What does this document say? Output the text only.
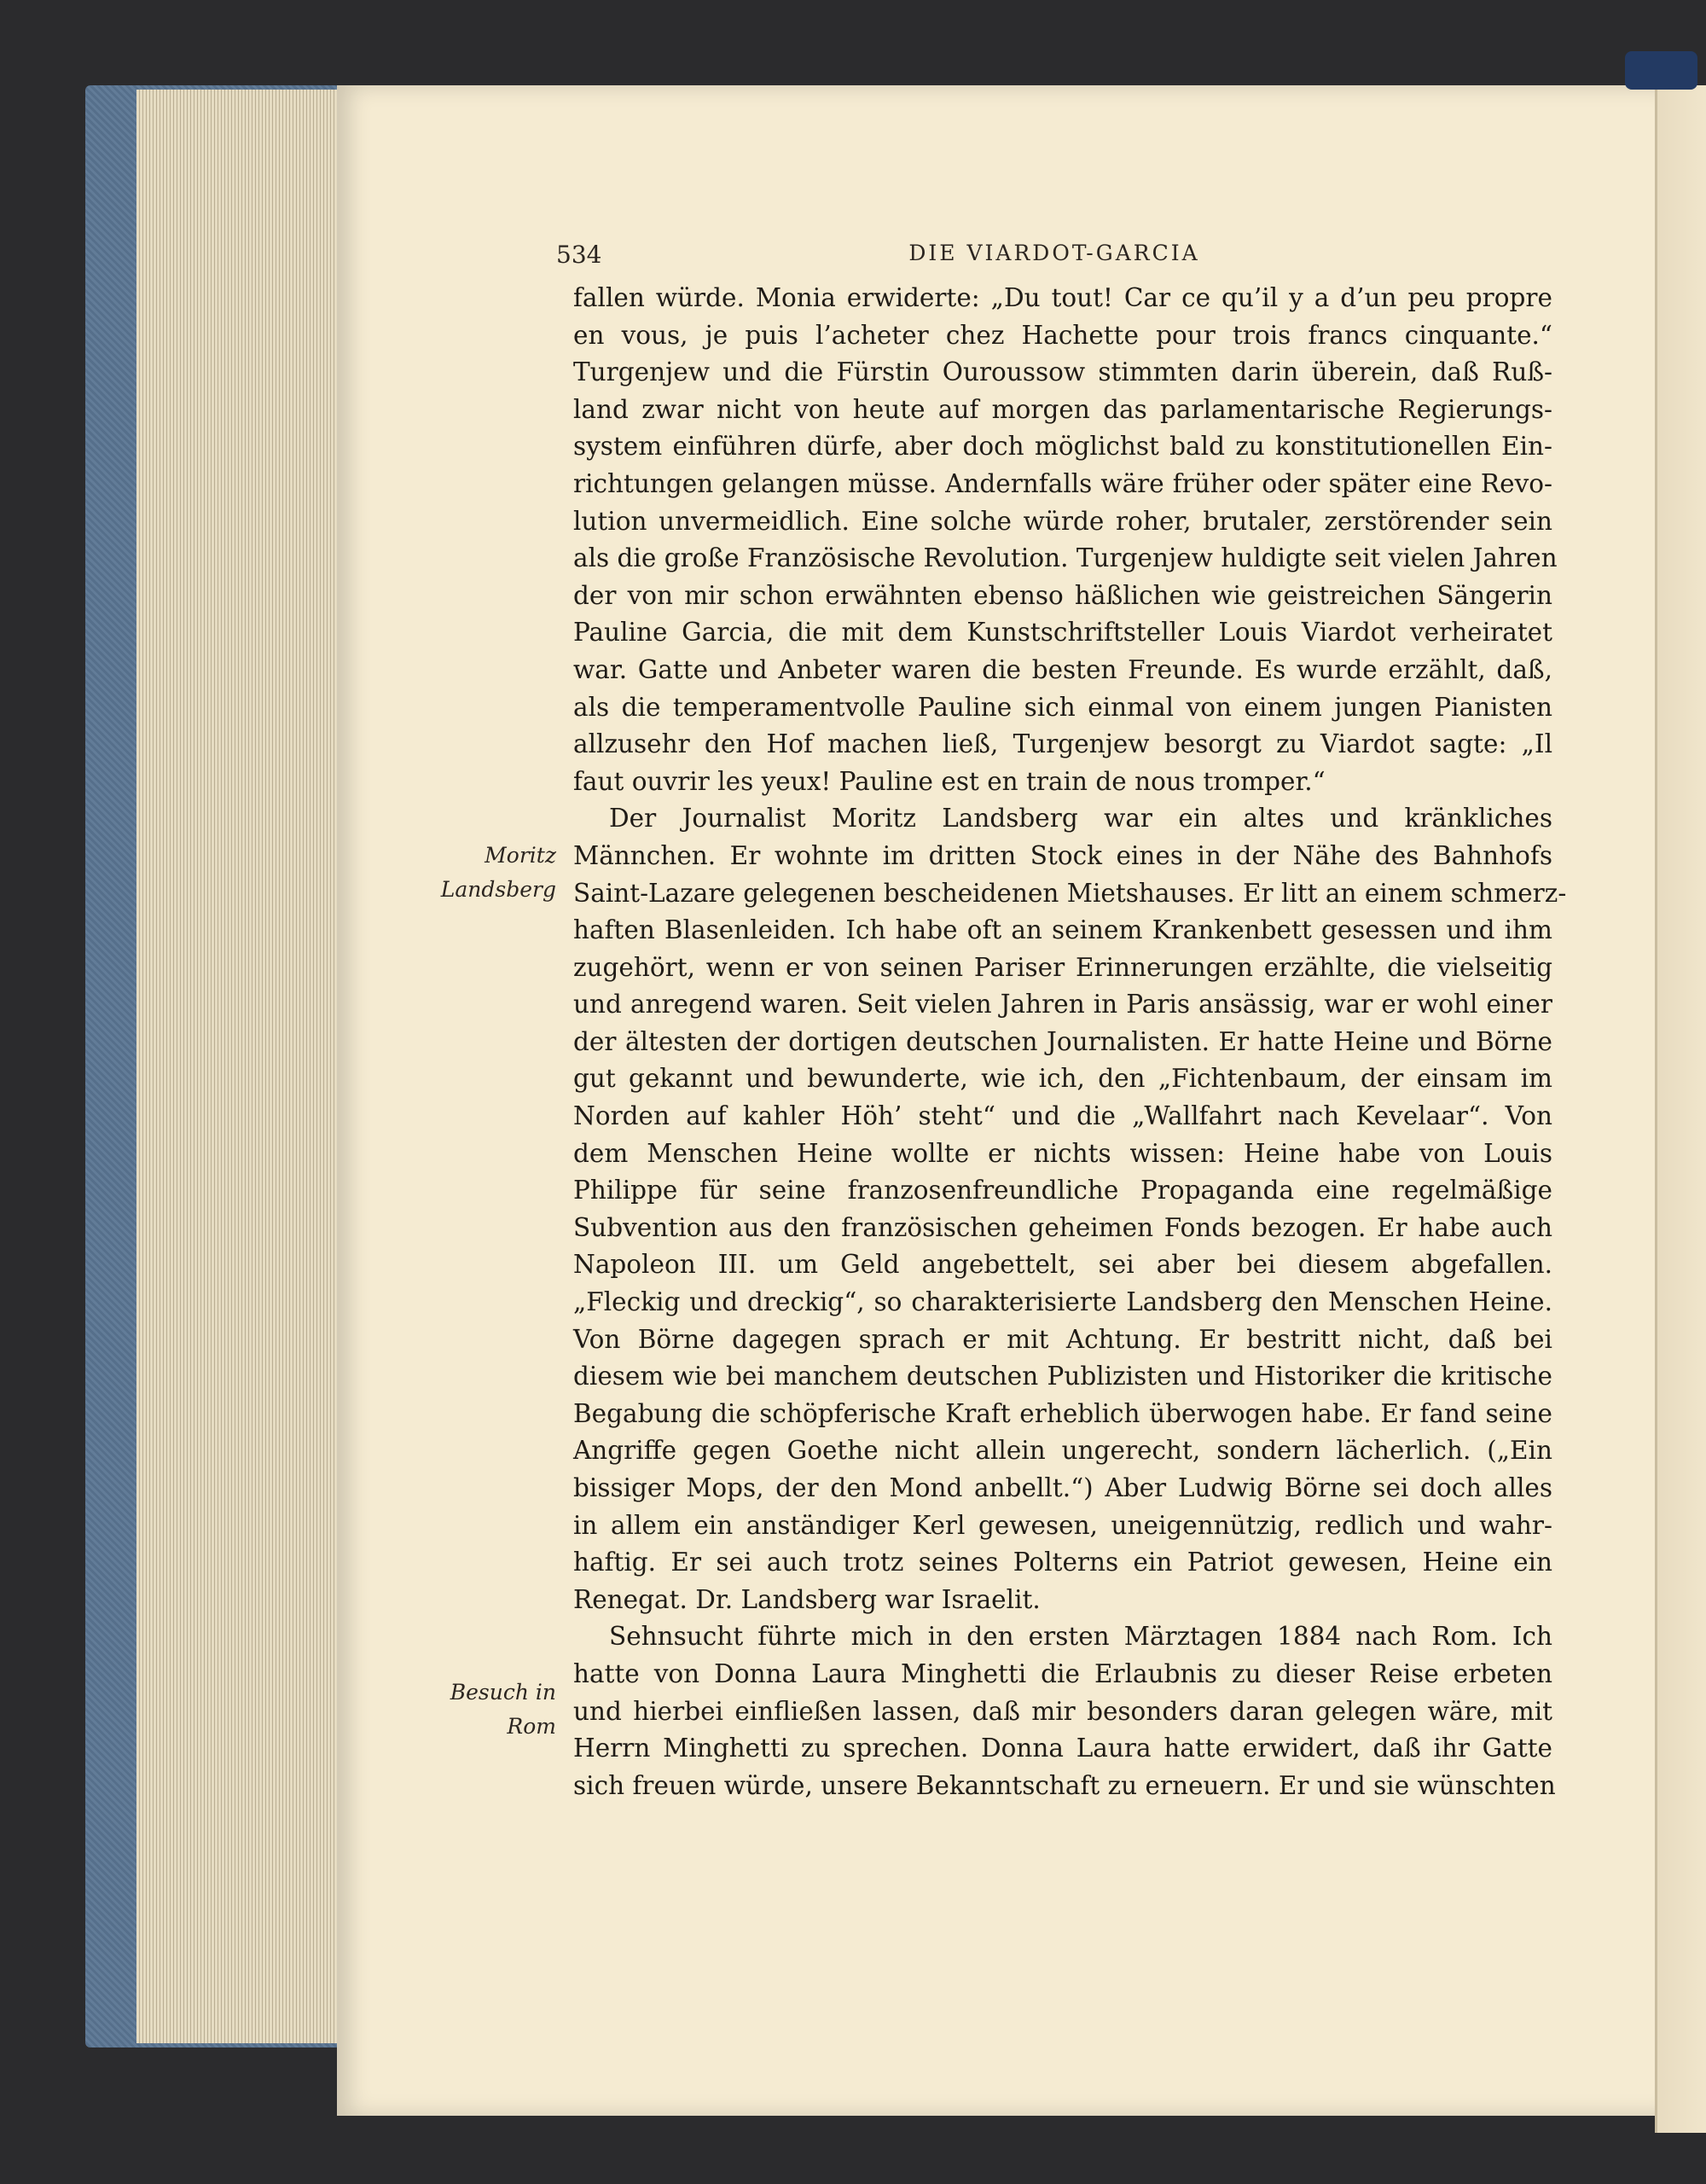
534	DIE VIARDOT-GARCIA
Moritz
Landsberg
Besuch in
Rom
fallen würde. Monia erwiderte: „Du tout! Car ce qu’il y a d’un peu propre
en vous, je puis l’acheter chez Hachette pour trois francs cinquante.“
Turgenjew und die Fürstin Ouroussow stimmten darin überein, daß Ruß-
land zwar nicht von heute auf morgen das parlamentarische Regierungs-
system einführen dürfe, aber doch möglichst bald zu konstitutionellen Ein-
richtungen gelangen müsse. Andernfalls wäre früher oder später eine Revo-
lution unvermeidlich. Eine solche würde roher, brutaler, zerstörender sein
als die große Französische Revolution. Turgenjew huldigte seit vielen Jahren
der von mir schon erwähnten ebenso häßlichen wie geistreichen Sängerin
Pauline Garcia, die mit dem Kunstschriftsteller Louis Viardot verheiratet
war. Gatte und Anbeter waren die besten Freunde. Es wurde erzählt, daß,
als die temperamentvolle Pauline sich einmal von einem jungen Pianisten
allzusehr den Hof machen ließ, Turgenjew besorgt zu Viardot sagte: „Il
faut ouvrir les yeux! Pauline est en train de nous tromper.“
Der Journalist Moritz Landsberg war ein altes und kränkliches
Männchen. Er wohnte im dritten Stock eines in der Nähe des Bahnhofs
Saint-Lazare gelegenen bescheidenen Mietshauses. Er litt an einem schmerz-
haften Blasenleiden. Ich habe oft an seinem Krankenbett gesessen und ihm
zugehört, wenn er von seinen Pariser Erinnerungen erzählte, die vielseitig
und anregend waren. Seit vielen Jahren in Paris ansässig, war er wohl einer
der ältesten der dortigen deutschen Journalisten. Er hatte Heine und Börne
gut gekannt und bewunderte, wie ich, den „Fichtenbaum, der einsam im
Norden auf kahler Höh’ steht“ und die „Wallfahrt nach Kevelaar“. Von
dem Menschen Heine wollte er nichts wissen: Heine habe von Louis
Philippe für seine franzosenfreundliche Propaganda eine regelmäßige
Subvention aus den französischen geheimen Fonds bezogen. Er habe auch
Napoleon III. um Geld angebettelt, sei aber bei diesem abgefallen.
„Fleckig und dreckig“, so charakterisierte Landsberg den Menschen Heine.
Von Börne dagegen sprach er mit Achtung. Er bestritt nicht, daß bei
diesem wie bei manchem deutschen Publizisten und Historiker die kritische
Begabung die schöpferische Kraft erheblich überwogen habe. Er fand seine
Angriffe gegen Goethe nicht allein ungerecht, sondern lächerlich. („Ein
bissiger Mops, der den Mond anbellt.“) Aber Ludwig Börne sei doch alles
in allem ein anständiger Kerl gewesen, uneigennützig, redlich und wahr-
haftig. Er sei auch trotz seines Polterns ein Patriot gewesen, Heine ein
Renegat. Dr. Landsberg war Israelit.
Sehnsucht führte mich in den ersten Märztagen 1884 nach Rom. Ich
hatte von Donna Laura Minghetti die Erlaubnis zu dieser Reise erbeten
und hierbei einfließen lassen, daß mir besonders daran gelegen wäre, mit
Herrn Minghetti zu sprechen. Donna Laura hatte erwidert, daß ihr Gatte
sich freuen würde, unsere Bekanntschaft zu erneuern. Er und sie wünschten
